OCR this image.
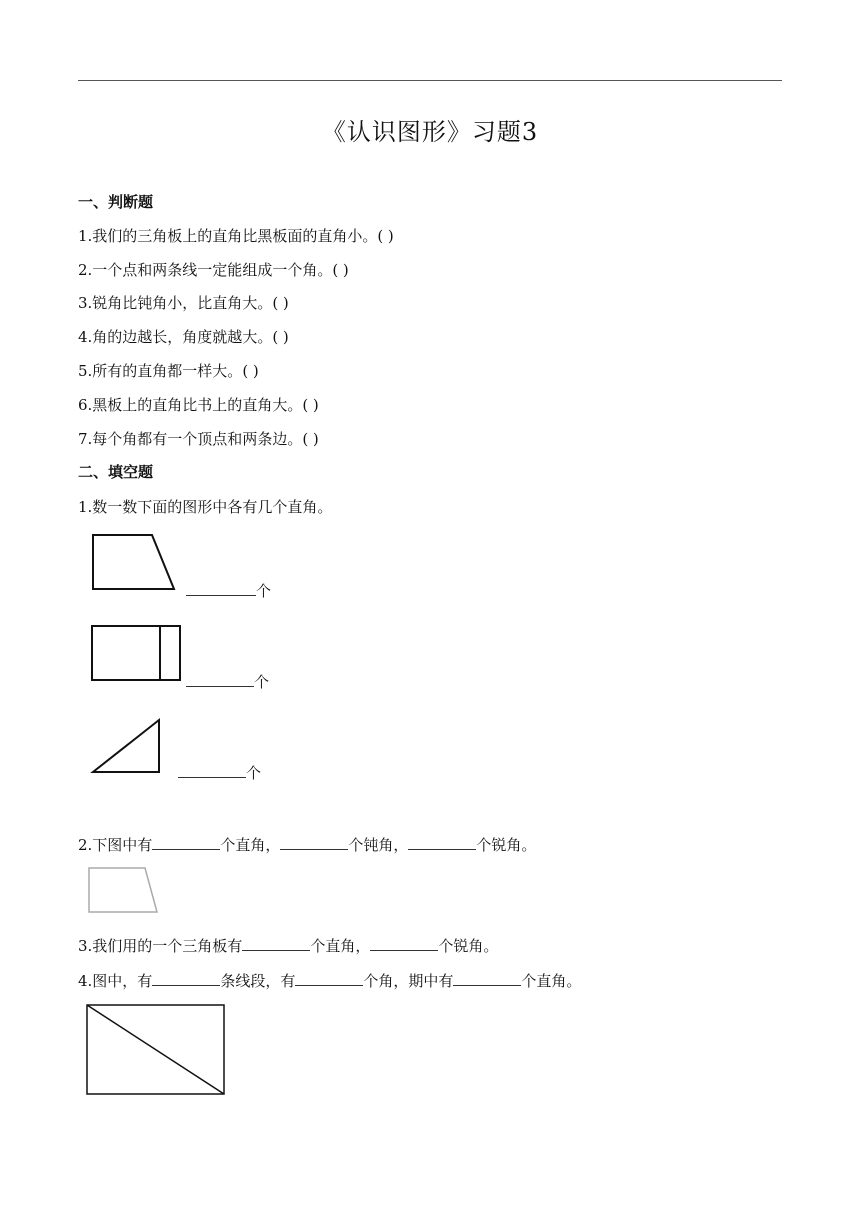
《认识图形》习题3
一、判断题
1.我们的三角板上的直角比黑板面的直角小。( )
2.一个点和两条线一定能组成一个角。( )
3.锐角比钝角小，比直角大。( )
4.角的边越长，角度就越大。( )
5.所有的直角都一样大。( )
6.黑板上的直角比书上的直角大。( )
7.每个角都有一个顶点和两条边。( )
二、填空题
1.数一数下面的图形中各有几个直角。
个
个
个
2.下图中有	个直角，	个钝角，	个锐角。
3.我们用的一个三角板有	个直角，	个锐角。
4.图中，有	条线段，有	个角，期中有	个直角。
